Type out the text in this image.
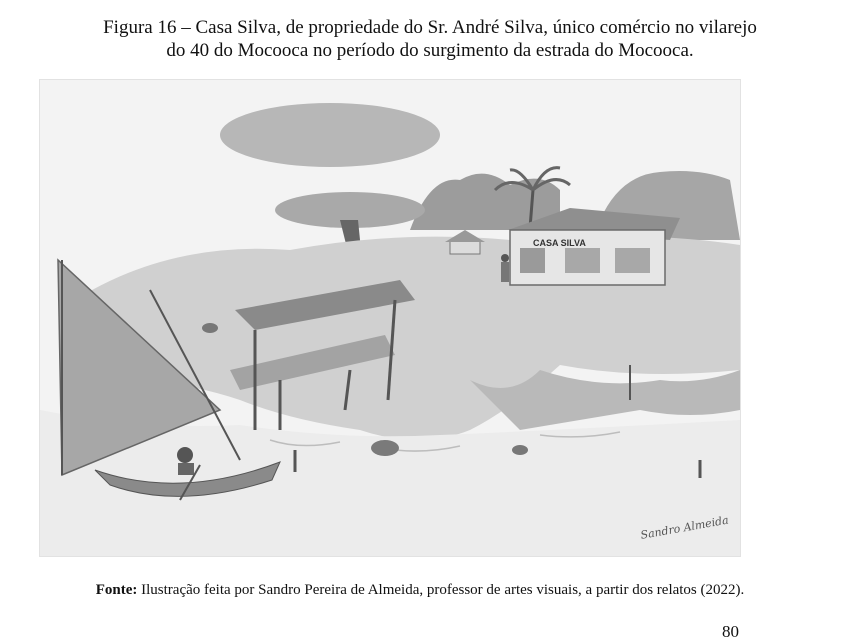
Figura 16 – Casa Silva, de propriedade do Sr. André Silva, único comércio no vilarejo
do 40 do Mocooca no período do surgimento da estrada do Mocooca.
CASA SILVA
Sandro Almeida
Fonte: Ilustração feita por Sandro Pereira de Almeida, professor de artes visuais, a partir dos relatos (2022).
80
